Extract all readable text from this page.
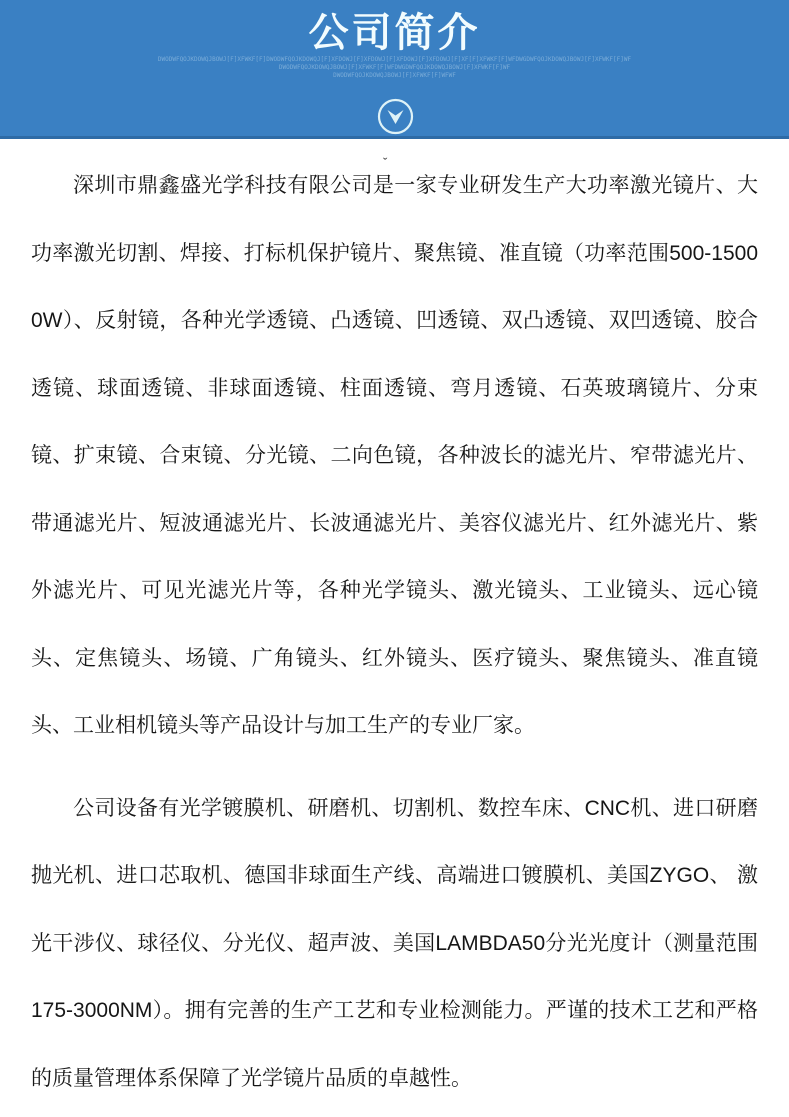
公司简介
DWODWFQOJKDOWQJBOWJ[F]XFWKF[F]DWODWFQOJKDOWQJ[F]XFDOWJ[F]XFDOWJ[F]XFDOWJ[F]XFDOWJ[F]XF[F]XFWKF[F]WFDWGDWFQOJKDOWQJBOWJ[F]XFWKF[F]WF
DWODWFQOJKDOWQJBOWJ[F]XFWKF[F]WFDWGDWFQOJKDOWQJBOWJ[F]XFWKF[F]WF
DWODWFQOJKDOWQJBOWJ[F]XFWKF[F]WFWF
ˇ

深圳市鼎鑫盛光学科技有限公司是一家专业研发生产大功率激光镜片、大功率激光切割、焊接、打标机保护镜片、聚焦镜、准直镜（功率范围500-15000W）、反射镜，各种光学透镜、凸透镜、凹透镜、双凸透镜、双凹透镜、胶合透镜、球面透镜、非球面透镜、柱面透镜、弯月透镜、石英玻璃镜片、分束镜、扩束镜、合束镜、分光镜、二向色镜，各种波长的滤光片、窄带滤光片、带通滤光片、短波通滤光片、长波通滤光片、美容仪滤光片、红外滤光片、紫外滤光片、可见光滤光片等，各种光学镜头、激光镜头、工业镜头、远心镜头、定焦镜头、场镜、广角镜头、红外镜头、医疗镜头、聚焦镜头、准直镜头、工业相机镜头等产品设计与加工生产的专业厂家。

公司设备有光学镀膜机、研磨机、切割机、数控车床、CNC机、进口研磨抛光机、进口芯取机、德国非球面生产线、高端进口镀膜机、美国ZYGO、 激光干涉仪、球径仪、分光仪、超声波、美国LAMBDA50分光光度计（测量范围175-3000NM）。拥有完善的生产工艺和专业检测能力。严谨的技术工艺和严格的质量管理体系保障了光学镜片品质的卓越性。
